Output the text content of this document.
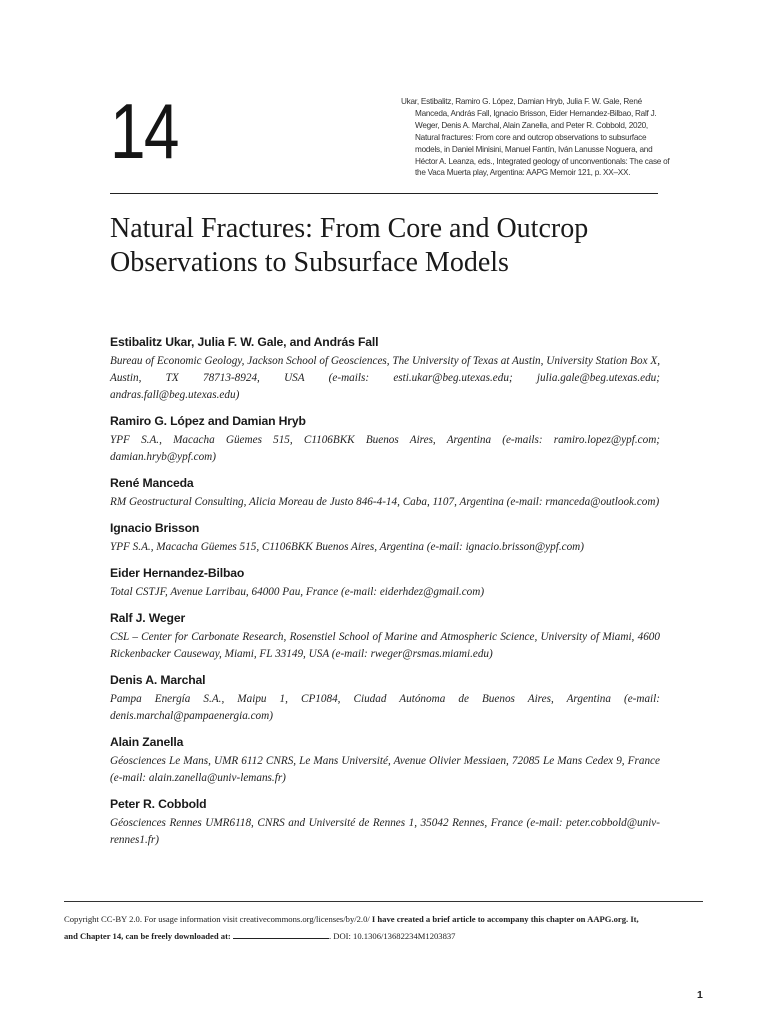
14	Ukar, Estibalitz, Ramiro G. López, Damian Hryb, Julia F. W. Gale, René Manceda, András Fall, Ignacio Brisson, Eider Hernandez-Bilbao, Ralf J. Weger, Denis A. Marchal, Alain Zanella, and Peter R. Cobbold, 2020, Natural fractures: From core and outcrop observations to subsurface models, in Daniel Minisini, Manuel Fantín, Iván Lanusse Noguera, and Héctor A. Leanza, eds., Integrated geology of unconventionals: The case of the Vaca Muerta play, Argentina: AAPG Memoir 121, p. XX–XX.
Natural Fractures: From Core and Outcrop Observations to Subsurface Models
Estibalitz Ukar, Julia F. W. Gale, and András Fall
Bureau of Economic Geology, Jackson School of Geosciences, The University of Texas at Austin, University Station Box X, Austin, TX 78713-8924, USA (e-mails: esti.ukar@beg.utexas.edu; julia.gale@beg.utexas.edu; andras.fall@beg.utexas.edu)
Ramiro G. López and Damian Hryb
YPF S.A., Macacha Güemes 515, C1106BKK Buenos Aires, Argentina (e-mails: ramiro.lopez@ypf.com; damian.hryb@ypf.com)
René Manceda
RM Geostructural Consulting, Alicia Moreau de Justo 846-4-14, Caba, 1107, Argentina (e-mail: rmanceda@outlook.com)
Ignacio Brisson
YPF S.A., Macacha Güemes 515, C1106BKK Buenos Aires, Argentina (e-mail: ignacio.brisson@ypf.com)
Eider Hernandez-Bilbao
Total CSTJF, Avenue Larribau, 64000 Pau, France (e-mail: eiderhdez@gmail.com)
Ralf J. Weger
CSL – Center for Carbonate Research, Rosenstiel School of Marine and Atmospheric Science, University of Miami, 4600 Rickenbacker Causeway, Miami, FL 33149, USA (e-mail: rweger@rsmas.miami.edu)
Denis A. Marchal
Pampa Energía S.A., Maipu 1, CP1084, Ciudad Autónoma de Buenos Aires, Argentina (e-mail: denis.marchal@pampaenergia.com)
Alain Zanella
Géosciences Le Mans, UMR 6112 CNRS, Le Mans Université, Avenue Olivier Messiaen, 72085 Le Mans Cedex 9, France (e-mail: alain.zanella@univ-lemans.fr)
Peter R. Cobbold
Géosciences Rennes UMR6118, CNRS and Université de Rennes 1, 35042 Rennes, France (e-mail: peter.cobbold@univ-rennes1.fr)
Copyright CC-BY 2.0. For usage information visit creativecommons.org/licenses/by/2.0/ I have created a brief article to accompany this chapter on AAPG.org. It, and Chapter 14, can be freely downloaded at:	. DOI: 10.1306/13682234M1203837
1
